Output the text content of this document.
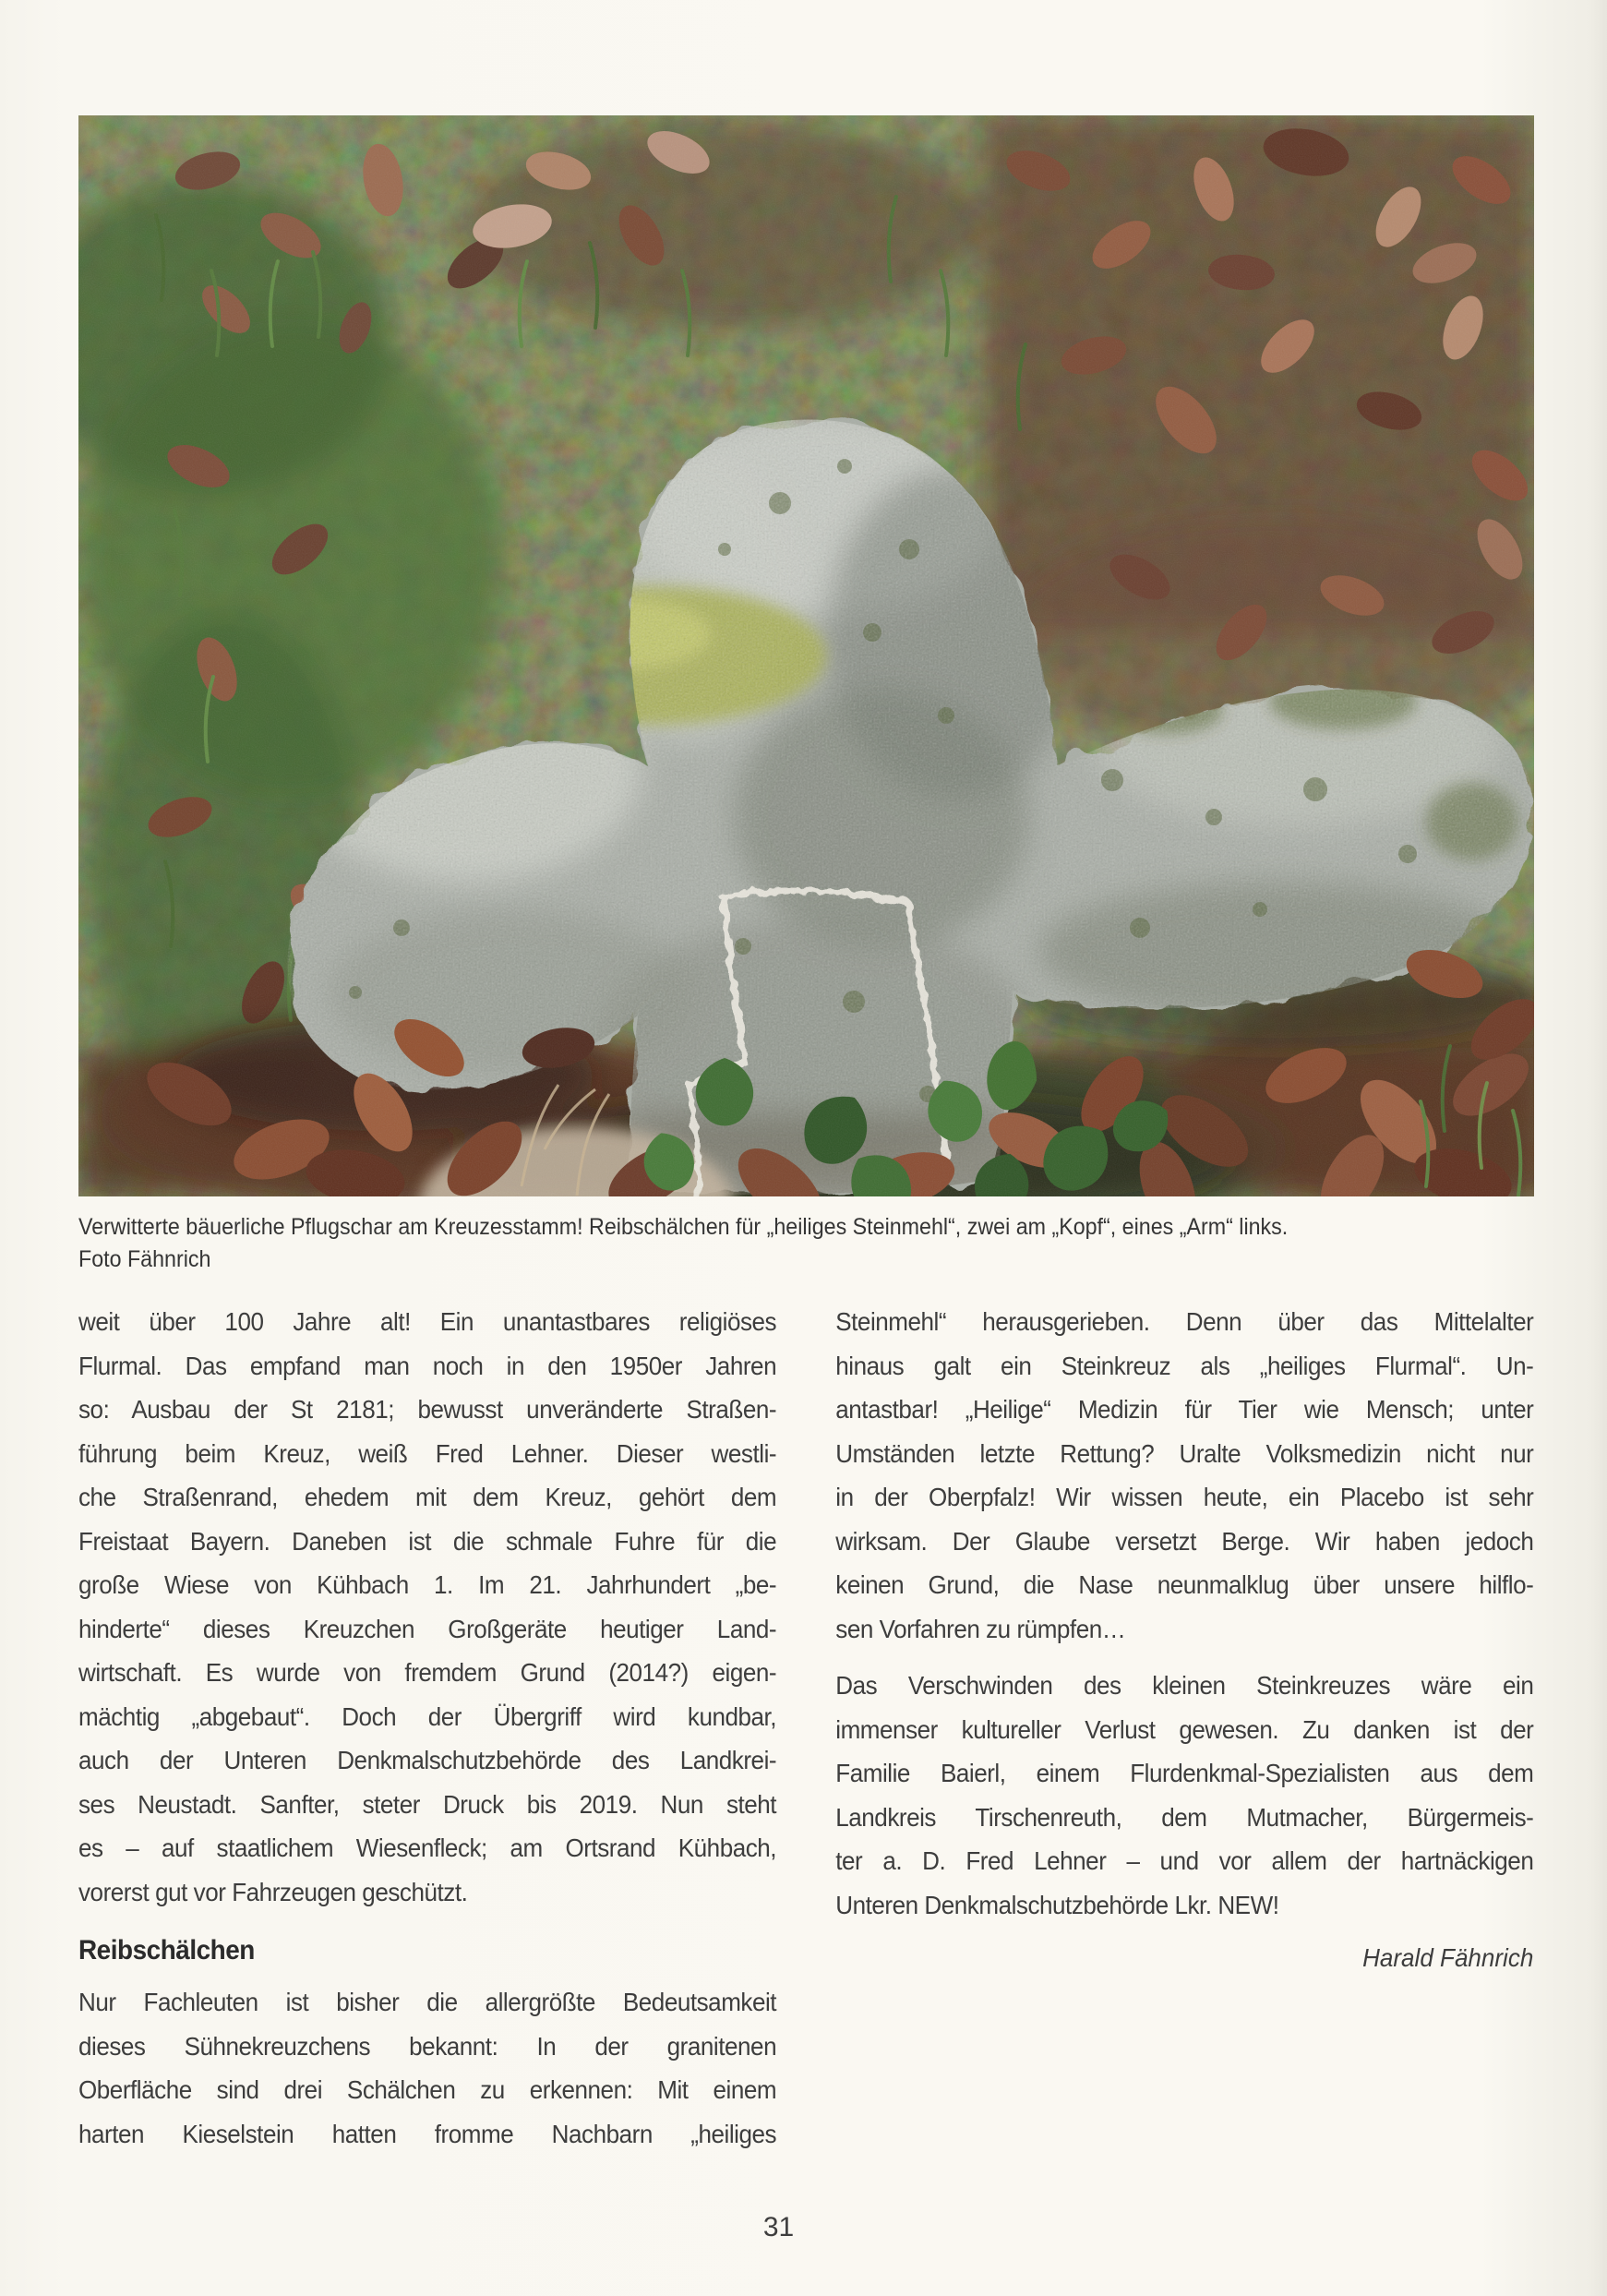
Verwitterte bäuerliche Pflugschar am Kreuzesstamm! Reibschälchen für „heiliges Steinmehl“, zwei am „Kopf“, eines „Arm“ links.
Foto Fähnrich
weit über 100 Jahre alt! Ein unantastbares religiöses
Flurmal. Das empfand man noch in den 1950er Jahren
so: Ausbau der St 2181; bewusst unveränderte Straßen-
führung beim Kreuz, weiß Fred Lehner. Dieser westli-
che Straßenrand, ehedem mit dem Kreuz, gehört dem
Freistaat Bayern. Daneben ist die schmale Fuhre für die
große Wiese von Kühbach 1. Im 21. Jahrhundert „be-
hinderte“ dieses Kreuzchen Großgeräte heutiger Land-
wirtschaft. Es wurde von fremdem Grund (2014?) eigen-
mächtig „abgebaut“. Doch der Übergriff wird kundbar,
auch der Unteren Denkmalschutzbehörde des Landkrei-
ses Neustadt. Sanfter, steter Druck bis 2019. Nun steht
es – auf staatlichem Wiesenfleck; am Ortsrand Kühbach,
vorerst gut vor Fahrzeugen geschützt.
Reibschälchen
Nur Fachleuten ist bisher die allergrößte Bedeutsamkeit
dieses Sühnekreuzchens bekannt: In der granitenen
Oberfläche sind drei Schälchen zu erkennen: Mit einem
harten Kieselstein hatten fromme Nachbarn „heiliges
Steinmehl“ herausgerieben. Denn über das Mittelalter
hinaus galt ein Steinkreuz als „heiliges Flurmal“. Un-
antastbar! „Heilige“ Medizin für Tier wie Mensch; unter
Umständen letzte Rettung? Uralte Volksmedizin nicht nur
in der Oberpfalz! Wir wissen heute, ein Placebo ist sehr
wirksam. Der Glaube versetzt Berge. Wir haben jedoch
keinen Grund, die Nase neunmalklug über unsere hilflo-
sen Vorfahren zu rümpfen…
Das Verschwinden des kleinen Steinkreuzes wäre ein
immenser kultureller Verlust gewesen. Zu danken ist der
Familie Baierl, einem Flurdenkmal-Spezialisten aus dem
Landkreis Tirschenreuth, dem Mutmacher, Bürgermeis-
ter a. D. Fred Lehner – und vor allem der hartnäckigen
Unteren Denkmalschutzbehörde Lkr. NEW!
Harald Fähnrich
31
